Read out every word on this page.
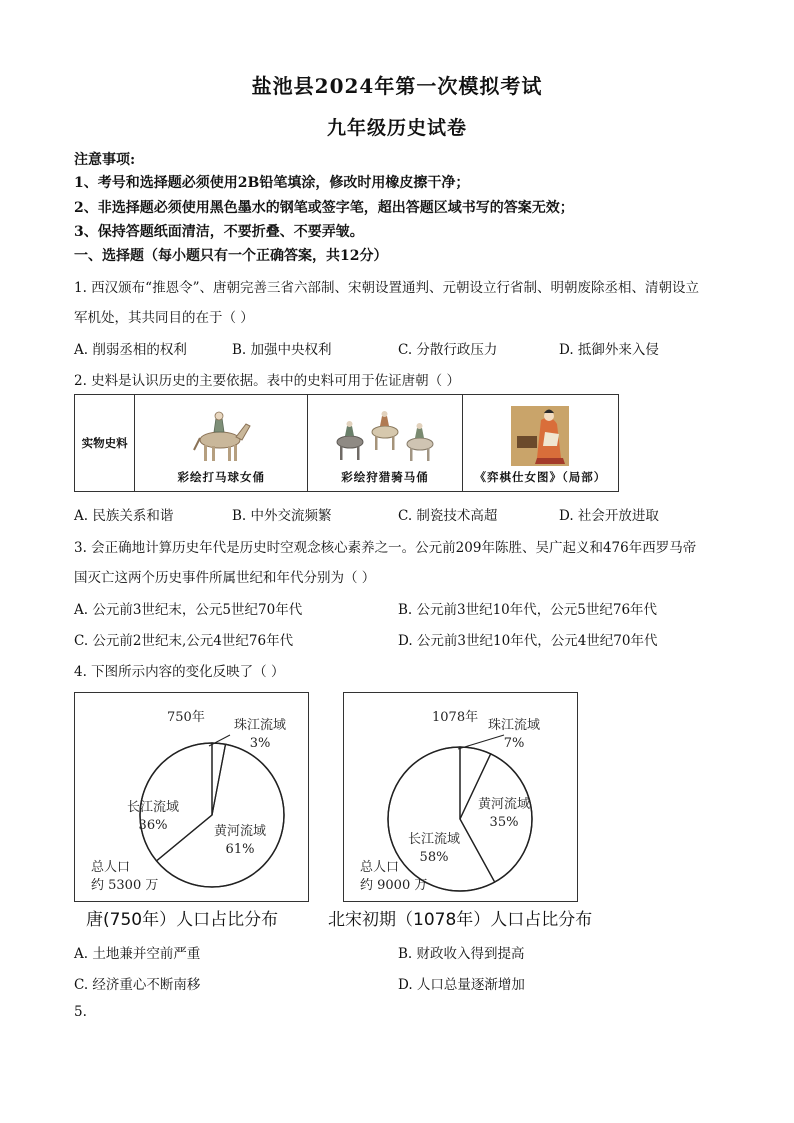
盐池县2024年第一次模拟考试
九年级历史试卷
注意事项:
1、考号和选择题必须使用2B铅笔填涂，修改时用橡皮擦干净；
2、非选择题必须使用黑色墨水的钢笔或签字笔，超出答题区域书写的答案无效；
3、保持答题纸面清洁，不要折叠、不要弄皱。
一、选择题（每小题只有一个正确答案，共12分）
1. 西汉颁布“推恩令”、唐朝完善三省六部制、宋朝设置通判、元朝设立行省制、明朝废除丞相、清朝设立
军机处，其共同目的在于（ ）
A. 削弱丞相的权利	B. 加强中央权利	C. 分散行政压力	D. 抵御外来入侵
2. 史料是认识历史的主要依据。表中的史料可用于佐证唐朝（ ）
实物史料	
彩绘打马球女俑	彩绘狩猎骑马俑	《弈棋仕女图》（局部）
A. 民族关系和谐	B. 中外交流频繁	C. 制瓷技术高超	D. 社会开放进取
3. 会正确地计算历史年代是历史时空观念核心素养之一。公元前209年陈胜、吴广起义和476年西罗马帝
国灭亡这两个历史事件所属世纪和年代分别为（ ）
A. 公元前3世纪末，公元5世纪70年代	B. 公元前3世纪10年代，公元5世纪76年代
C. 公元前2世纪末,公元4世纪76年代	D. 公元前3世纪10年代，公元4世纪70年代
4. 下图所示内容的变化反映了（ ）
黄河流域
61%
长江流域
36%
珠江流域
3%
750年
总人口
约 5300 万
唐(750年）人口占比分布
长江流域
58%
黄河流域
35%
珠江流域
7%
1078年
总人口
约 9000 万
北宋初期（1078年）人口占比分布
A. 土地兼并空前严重	B. 财政收入得到提高
C. 经济重心不断南移	D. 人口总量逐渐增加
5.
